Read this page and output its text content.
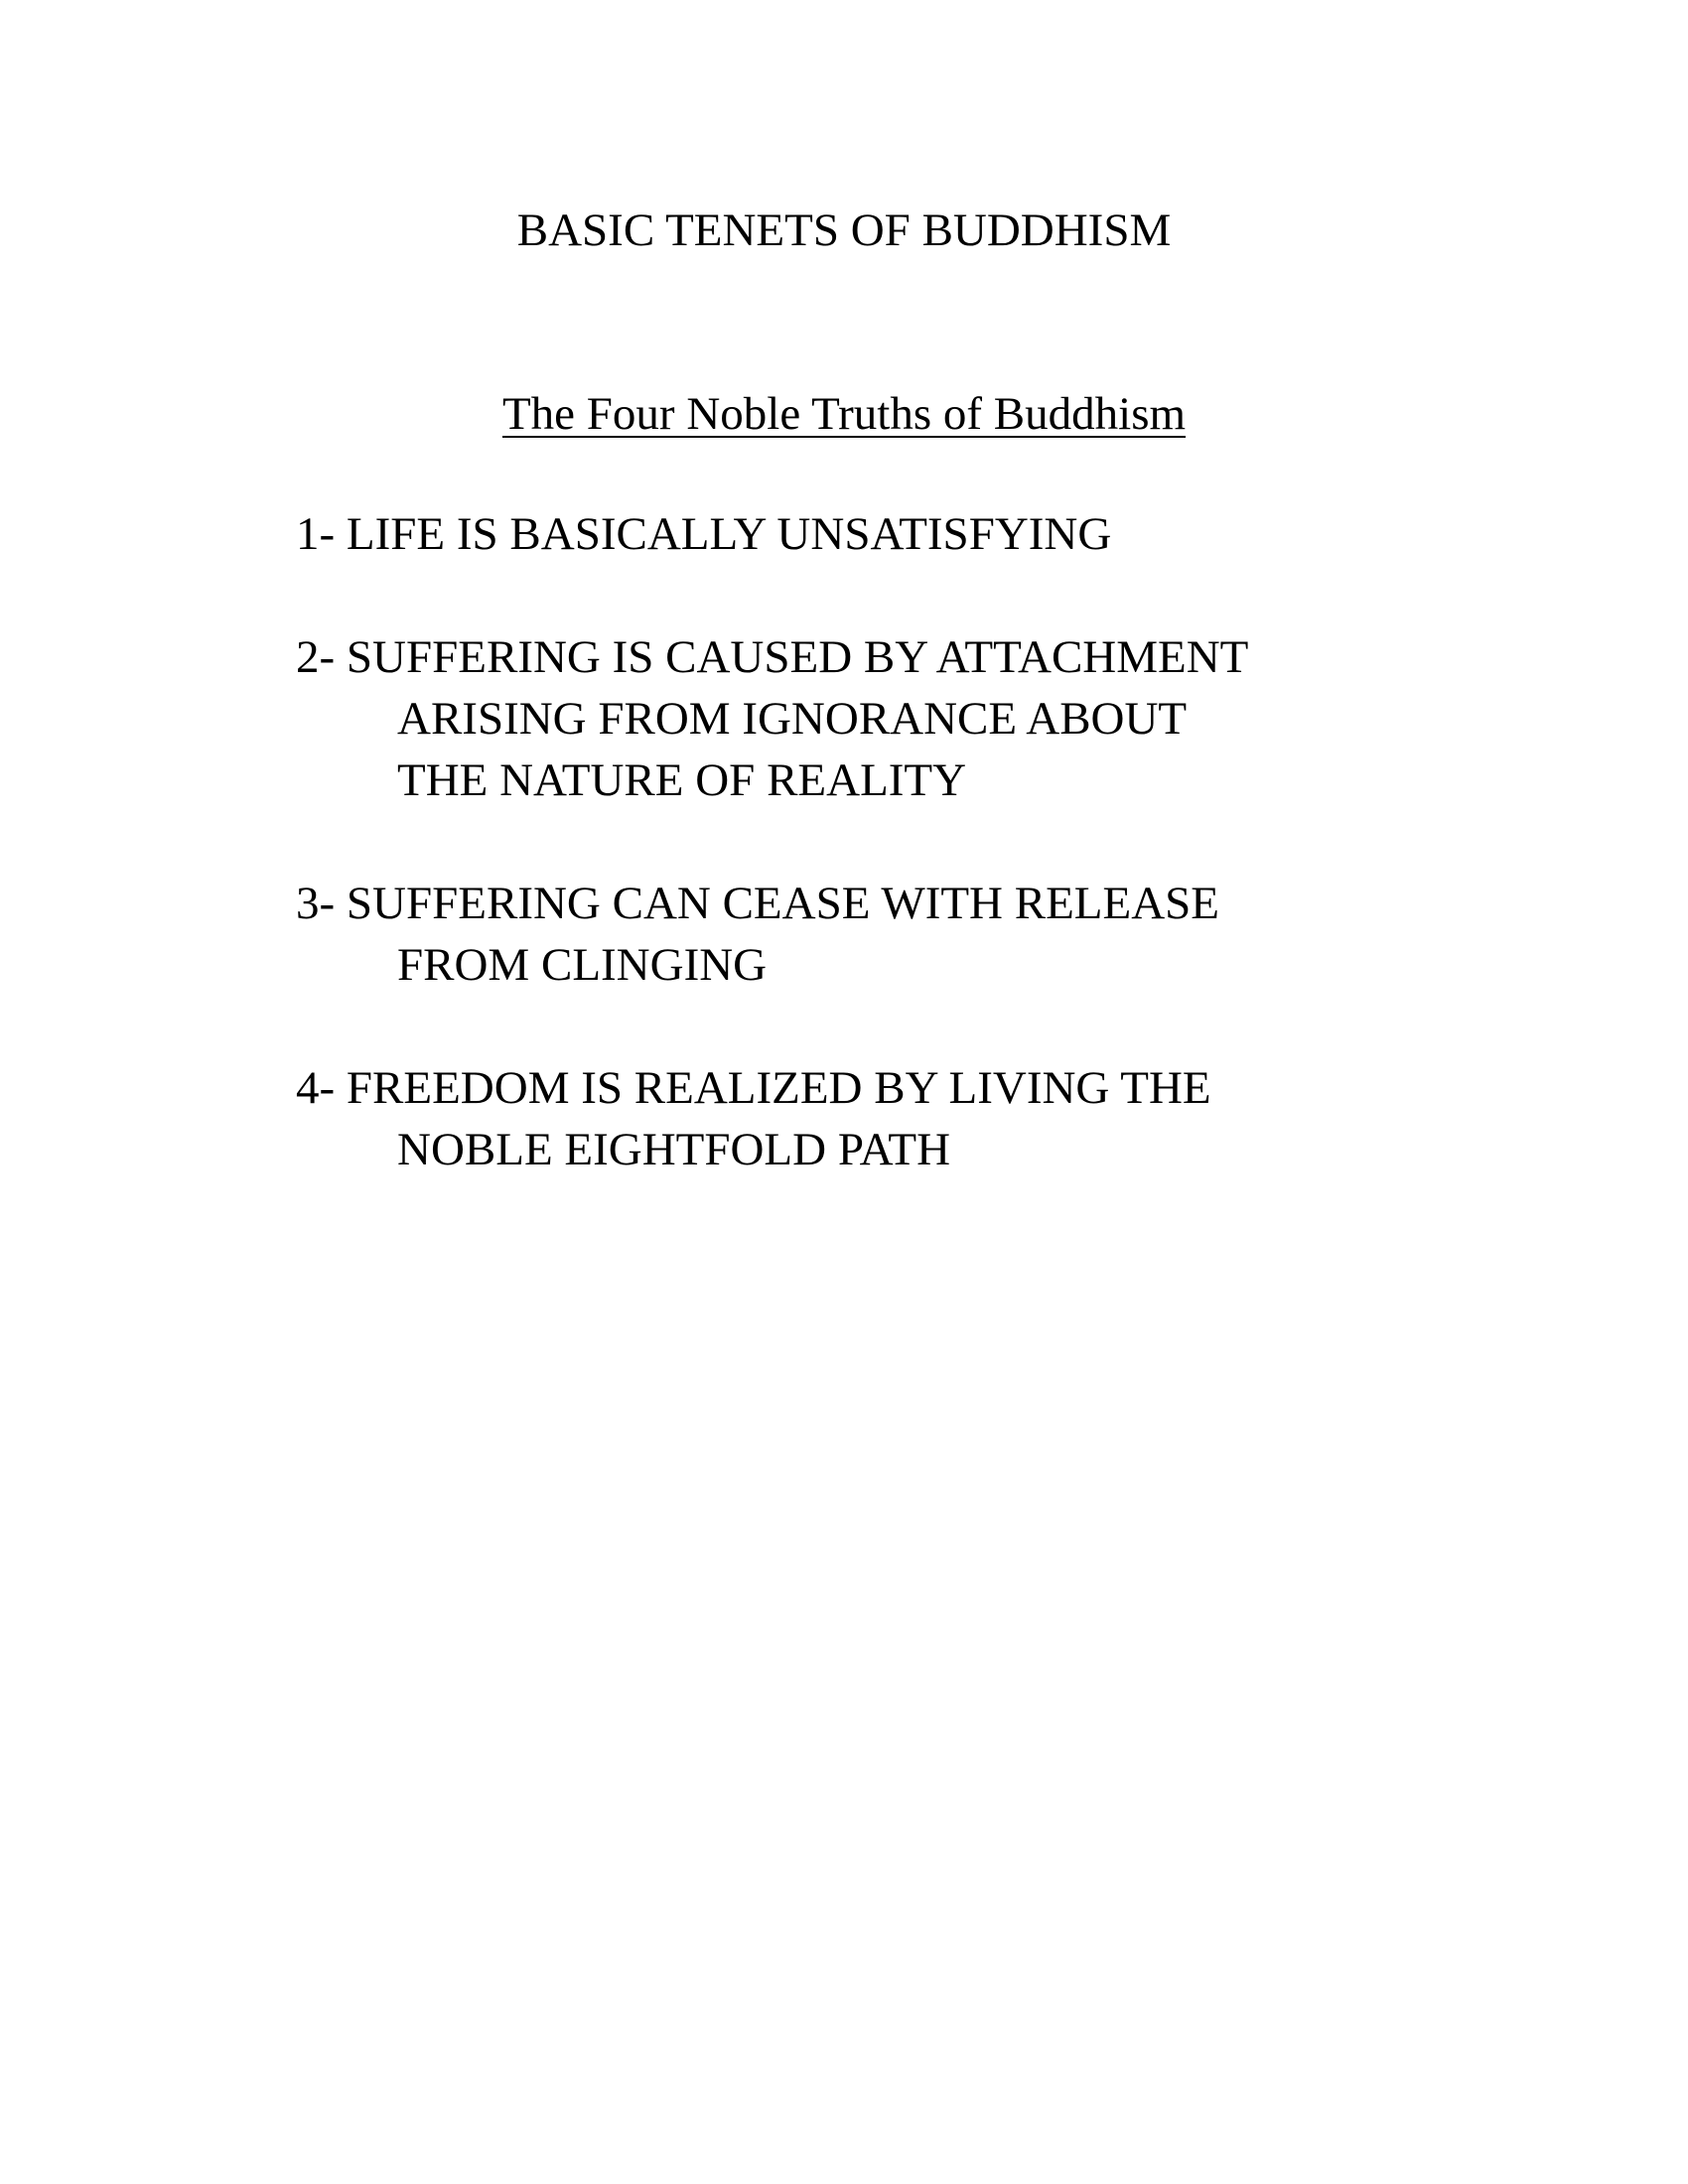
BASIC TENETS OF BUDDHISM
The Four Noble Truths of Buddhism
1- LIFE IS BASICALLY UNSATISFYING
2- SUFFERING IS CAUSED BY ATTACHMENT
ARISING FROM IGNORANCE ABOUT
THE NATURE OF REALITY
3- SUFFERING CAN CEASE WITH RELEASE
FROM CLINGING
4- FREEDOM IS REALIZED BY LIVING THE
NOBLE EIGHTFOLD PATH
